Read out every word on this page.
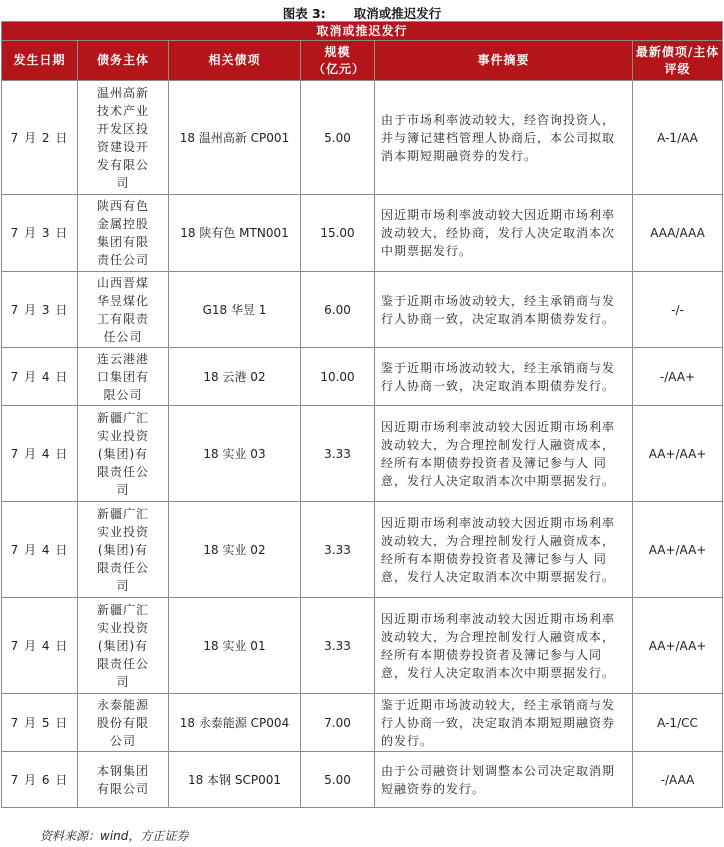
图表 3: 取消或推迟发行
取消或推迟发行					
发生日期	债务主体	相关债项	规模（亿元）	事件摘要	最新债项/主体评级
7 月 2 日	温州高新技术产业开发区投资建设开发有限公司	18 温州高新 CP001	5.00	由于市场利率波动较大，经咨询投资人，并与簿记建档管理人协商后，本公司拟取消本期短期融资券的发行。	A-1/AA
7 月 3 日	陕西有色金属控股集团有限责任公司	18 陕有色 MTN001	15.00	因近期市场利率波动较大因近期市场利率波动较大，经协商，发行人决定取消本次中期票据发行。	AAA/AAA
7 月 3 日	山西晋煤华昱煤化工有限责任公司	G18 华昱 1	6.00	鉴于近期市场波动较大，经主承销商与发行人协商一致，决定取消本期债券发行。	-/-
7 月 4 日	连云港港口集团有限公司	18 云港 02	10.00	鉴于近期市场波动较大，经主承销商与发行人协商一致，决定取消本期债券发行。	-/AA+
7 月 4 日	新疆广汇实业投资(集团)有限责任公司	18 实业 03	3.33	因近期市场利率波动较大因近期市场利率波动较大，为合理控制发行人融资成本，经所有本期债券投资者及簿记参与人 同意，发行人决定取消本次中期票据发行。	AA+/AA+
7 月 4 日	新疆广汇实业投资(集团)有限责任公司	18 实业 02	3.33	因近期市场利率波动较大因近期市场利率波动较大，为合理控制发行人融资成本，经所有本期债券投资者及簿记参与人 同意，发行人决定取消本次中期票据发行。	AA+/AA+
7 月 4 日	新疆广汇实业投资(集团)有限责任公司	18 实业 01	3.33	因近期市场利率波动较大因近期市场利率波动较大，为合理控制发行人融资成本，经所有本期债券投资者及簿记参与人同意，发行人决定取消本次中期票据发行。	AA+/AA+
7 月 5 日	永泰能源股份有限公司	18 永泰能源 CP004	7.00	鉴于近期市场波动较大，经主承销商与发行人协商一致，决定取消本期短期融资券的发行。	A-1/CC
7 月 6 日	本钢集团有限公司	18 本钢 SCP001	5.00	由于公司融资计划调整本公司决定取消期短融资券的发行。	-/AAA
资料来源：wind，方正证券
